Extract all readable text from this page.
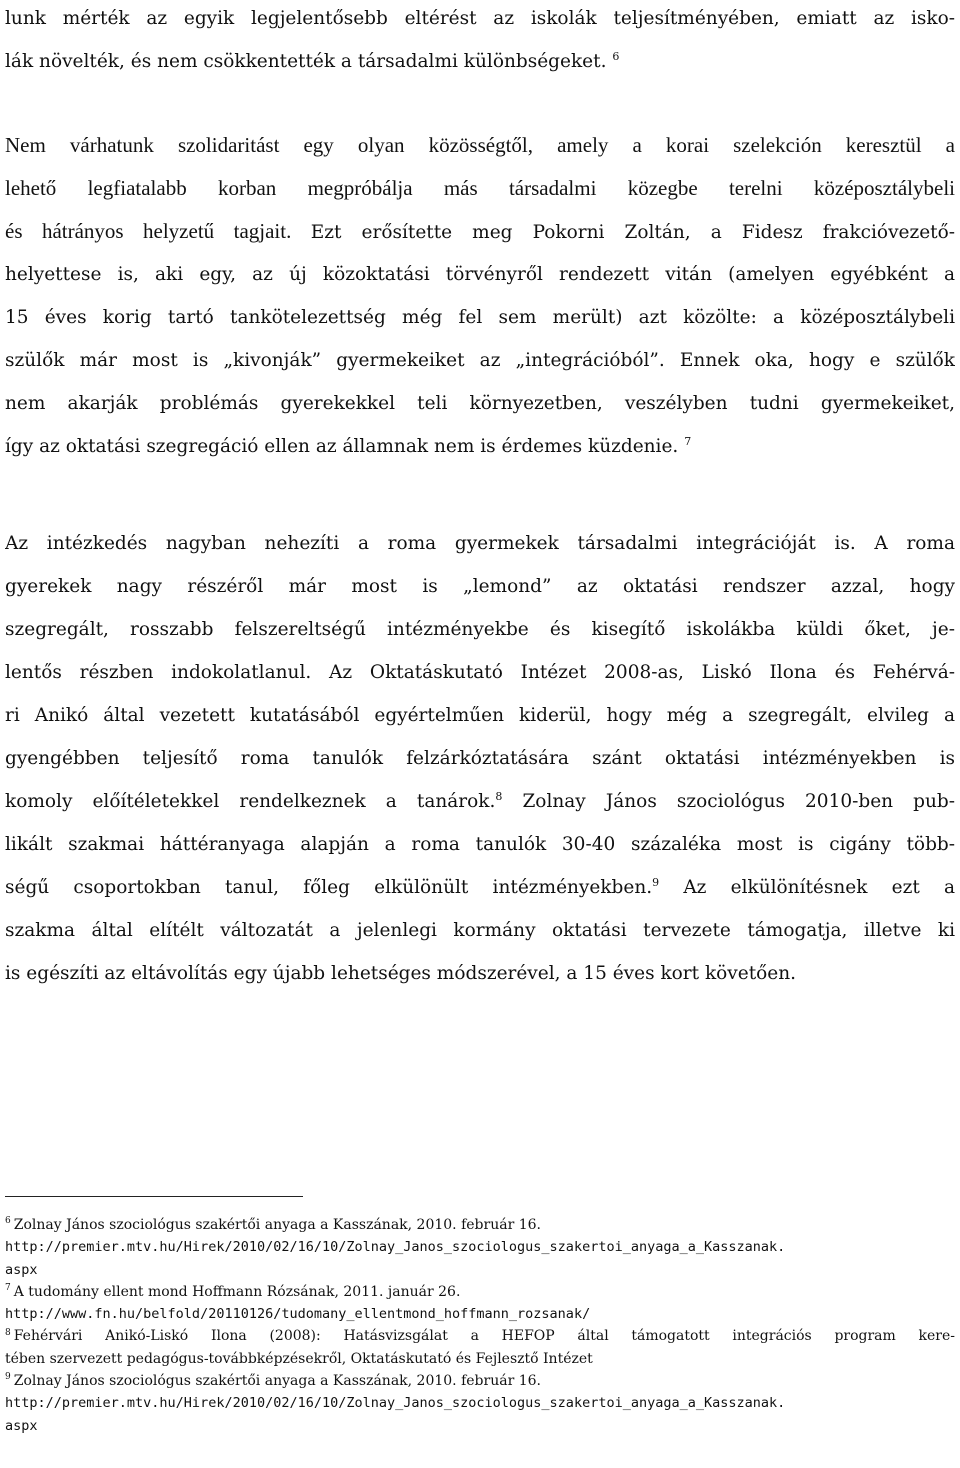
lunk mérték az egyik legjelentősebb eltérést az iskolák teljesítményében, emiatt az isko-
lák növelték, és nem csökkentették a társadalmi különbségeket. $^6$
Nem várhatunk szolidaritást egy olyan közösségtől, amely a korai szelekción keresztül a
lehető legfiatalabb korban megpróbálja más társadalmi közegbe terelni középosztálybeli
és hátrányos helyzetű tagjait. Ezt erősítette meg Pokorni Zoltán, a Fidesz frakcióvezető-
helyettese is, aki egy, az új közoktatási törvényről rendezett vitán (amelyen egyébként a
15 éves korig tartó tankötelezettség még fel sem merült) azt közölte: a középosztálybeli
szülők már most is „kivonják” gyermekeiket az „integrációból”. Ennek oka, hogy e szülők
nem akarják problémás gyerekekkel teli környezetben, veszélyben tudni gyermekeiket,
így az oktatási szegregáció ellen az államnak nem is érdemes küzdenie. $^7$
Az intézkedés nagyban nehezíti a roma gyermekek társadalmi integrációját is. A roma
gyerekek nagy részéről már most is „lemond” az oktatási rendszer azzal, hogy
szegregált, rosszabb felszereltségű intézményekbe és kisegítő iskolákba küldi őket, je-
lentős részben indokolatlanul. Az Oktatáskutató Intézet 2008-as, Liskó Ilona és Fehérvá-
ri Anikó által vezetett kutatásából egyértelműen kiderül, hogy még a szegregált, elvileg a
gyengébben teljesítő roma tanulók felzárkóztatására szánt oktatási intézményekben is
komoly előítéletekkel rendelkeznek a tanárok.$^8$ Zolnay János szociológus 2010-ben pub-
likált szakmai háttéranyaga alapján a roma tanulók 30-40 százaléka most is cigány több-
ségű csoportokban tanul, főleg elkülönült intézményekben.$^9$ Az elkülönítésnek ezt a
szakma által elítélt változatát a jelenlegi kormány oktatási tervezete támogatja, illetve ki
is egészíti az eltávolítás egy újabb lehetséges módszerével, a 15 éves kort követően.
$^6$ Zolnay János szociológus szakértői anyaga a Kasszának, 2010. február 16.
http://premier.mtv.hu/Hirek/2010/02/16/10/Zolnay_Janos_szociologus_szakertoi_anyaga_a_Kasszanak.
aspx
$^7$ A tudomány ellent mond Hoffmann Rózsának, 2011. január 26.
http://www.fn.hu/belfold/20110126/tudomany_ellentmond_hoffmann_rozsanak/
$^8$ Fehérvári Anikó-Liskó Ilona (2008): Hatásvizsgálat a HEFOP által támogatott integrációs program kere-
tében szervezett pedagógus-továbbképzésekről, Oktatáskutató és Fejlesztő Intézet
$^9$ Zolnay János szociológus szakértői anyaga a Kasszának, 2010. február 16.
http://premier.mtv.hu/Hirek/2010/02/16/10/Zolnay_Janos_szociologus_szakertoi_anyaga_a_Kasszanak.
aspx
